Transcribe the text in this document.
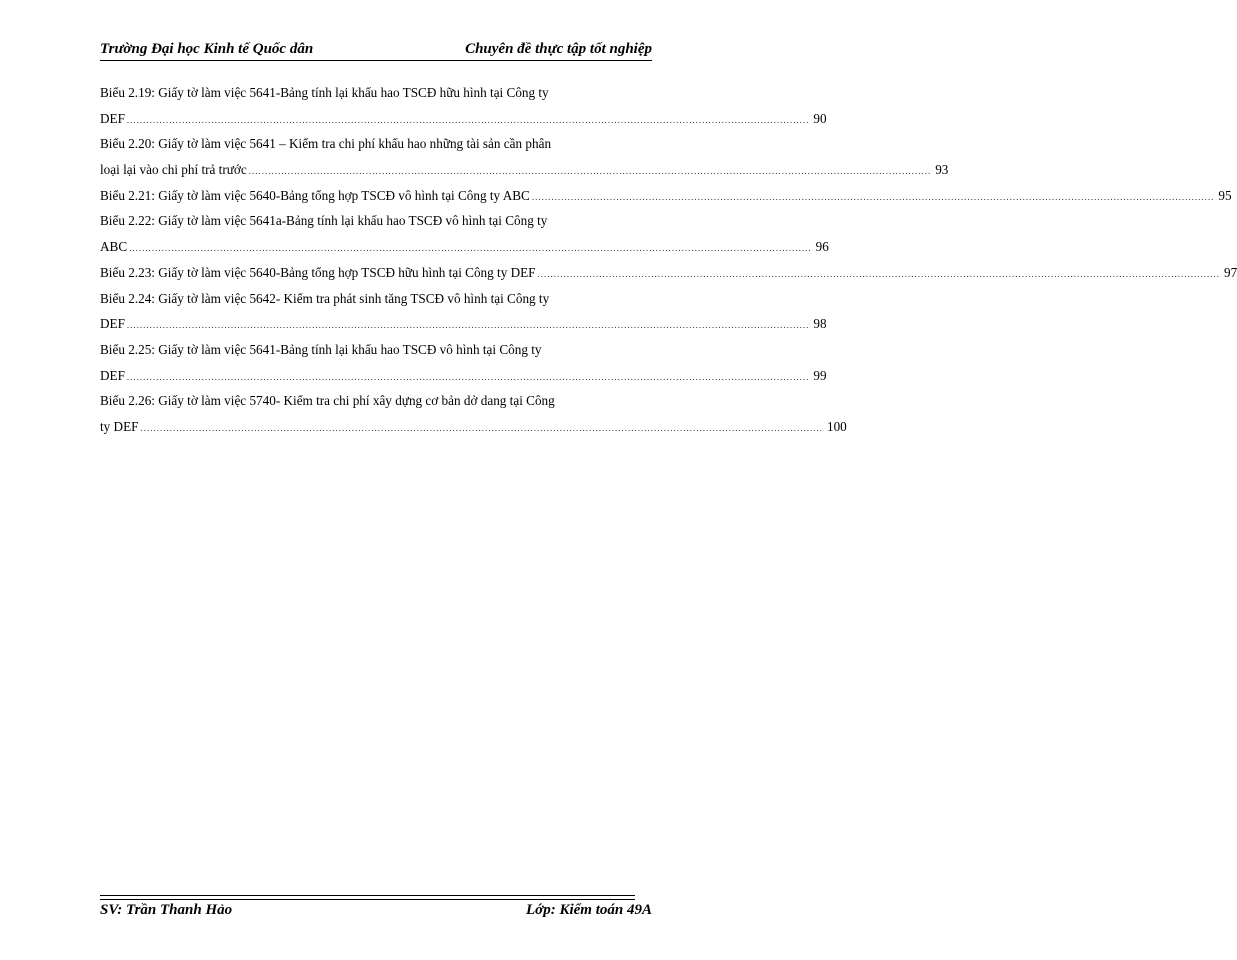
Trường Đại học Kinh tế Quốc dân	Chuyên đề thực tập tốt nghiệp
Biểu 2.19: Giấy tờ làm việc 5641-Bảng tính lại khấu hao TSCĐ hữu hình tại Công ty
DEF .................................................................................................................................................................................................................. 90
Biểu 2.20: Giấy tờ làm việc 5641 – Kiểm tra chi phí khấu hao những tài sản cần phân
loại lại vào chi phí trả trước .................................................................................................................................................................................................................. 93
Biểu 2.21: Giấy tờ làm việc 5640-Bảng tổng hợp TSCĐ vô hình tại Công ty ABC .................................................................................................................................................................................................................. 95
Biểu 2.22: Giấy tờ làm việc 5641a-Bảng tính lại khấu hao TSCĐ vô hình tại Công ty
ABC .................................................................................................................................................................................................................. 96
Biểu 2.23: Giấy tờ làm việc 5640-Bảng tổng hợp TSCĐ hữu hình tại Công ty DEF .................................................................................................................................................................................................................. 97
Biểu 2.24: Giấy tờ làm việc 5642- Kiểm tra phát sinh tăng TSCĐ vô hình tại Công ty
DEF .................................................................................................................................................................................................................. 98
Biểu 2.25: Giấy tờ làm việc 5641-Bảng tính lại khấu hao TSCĐ vô hình tại Công ty
DEF .................................................................................................................................................................................................................. 99
Biểu 2.26: Giấy tờ làm việc 5740- Kiểm tra chi phí xây dựng cơ bản dở dang tại Công
ty DEF .................................................................................................................................................................................................................. 100
SV: Trần Thanh Hảo	Lớp: Kiểm toán 49A
